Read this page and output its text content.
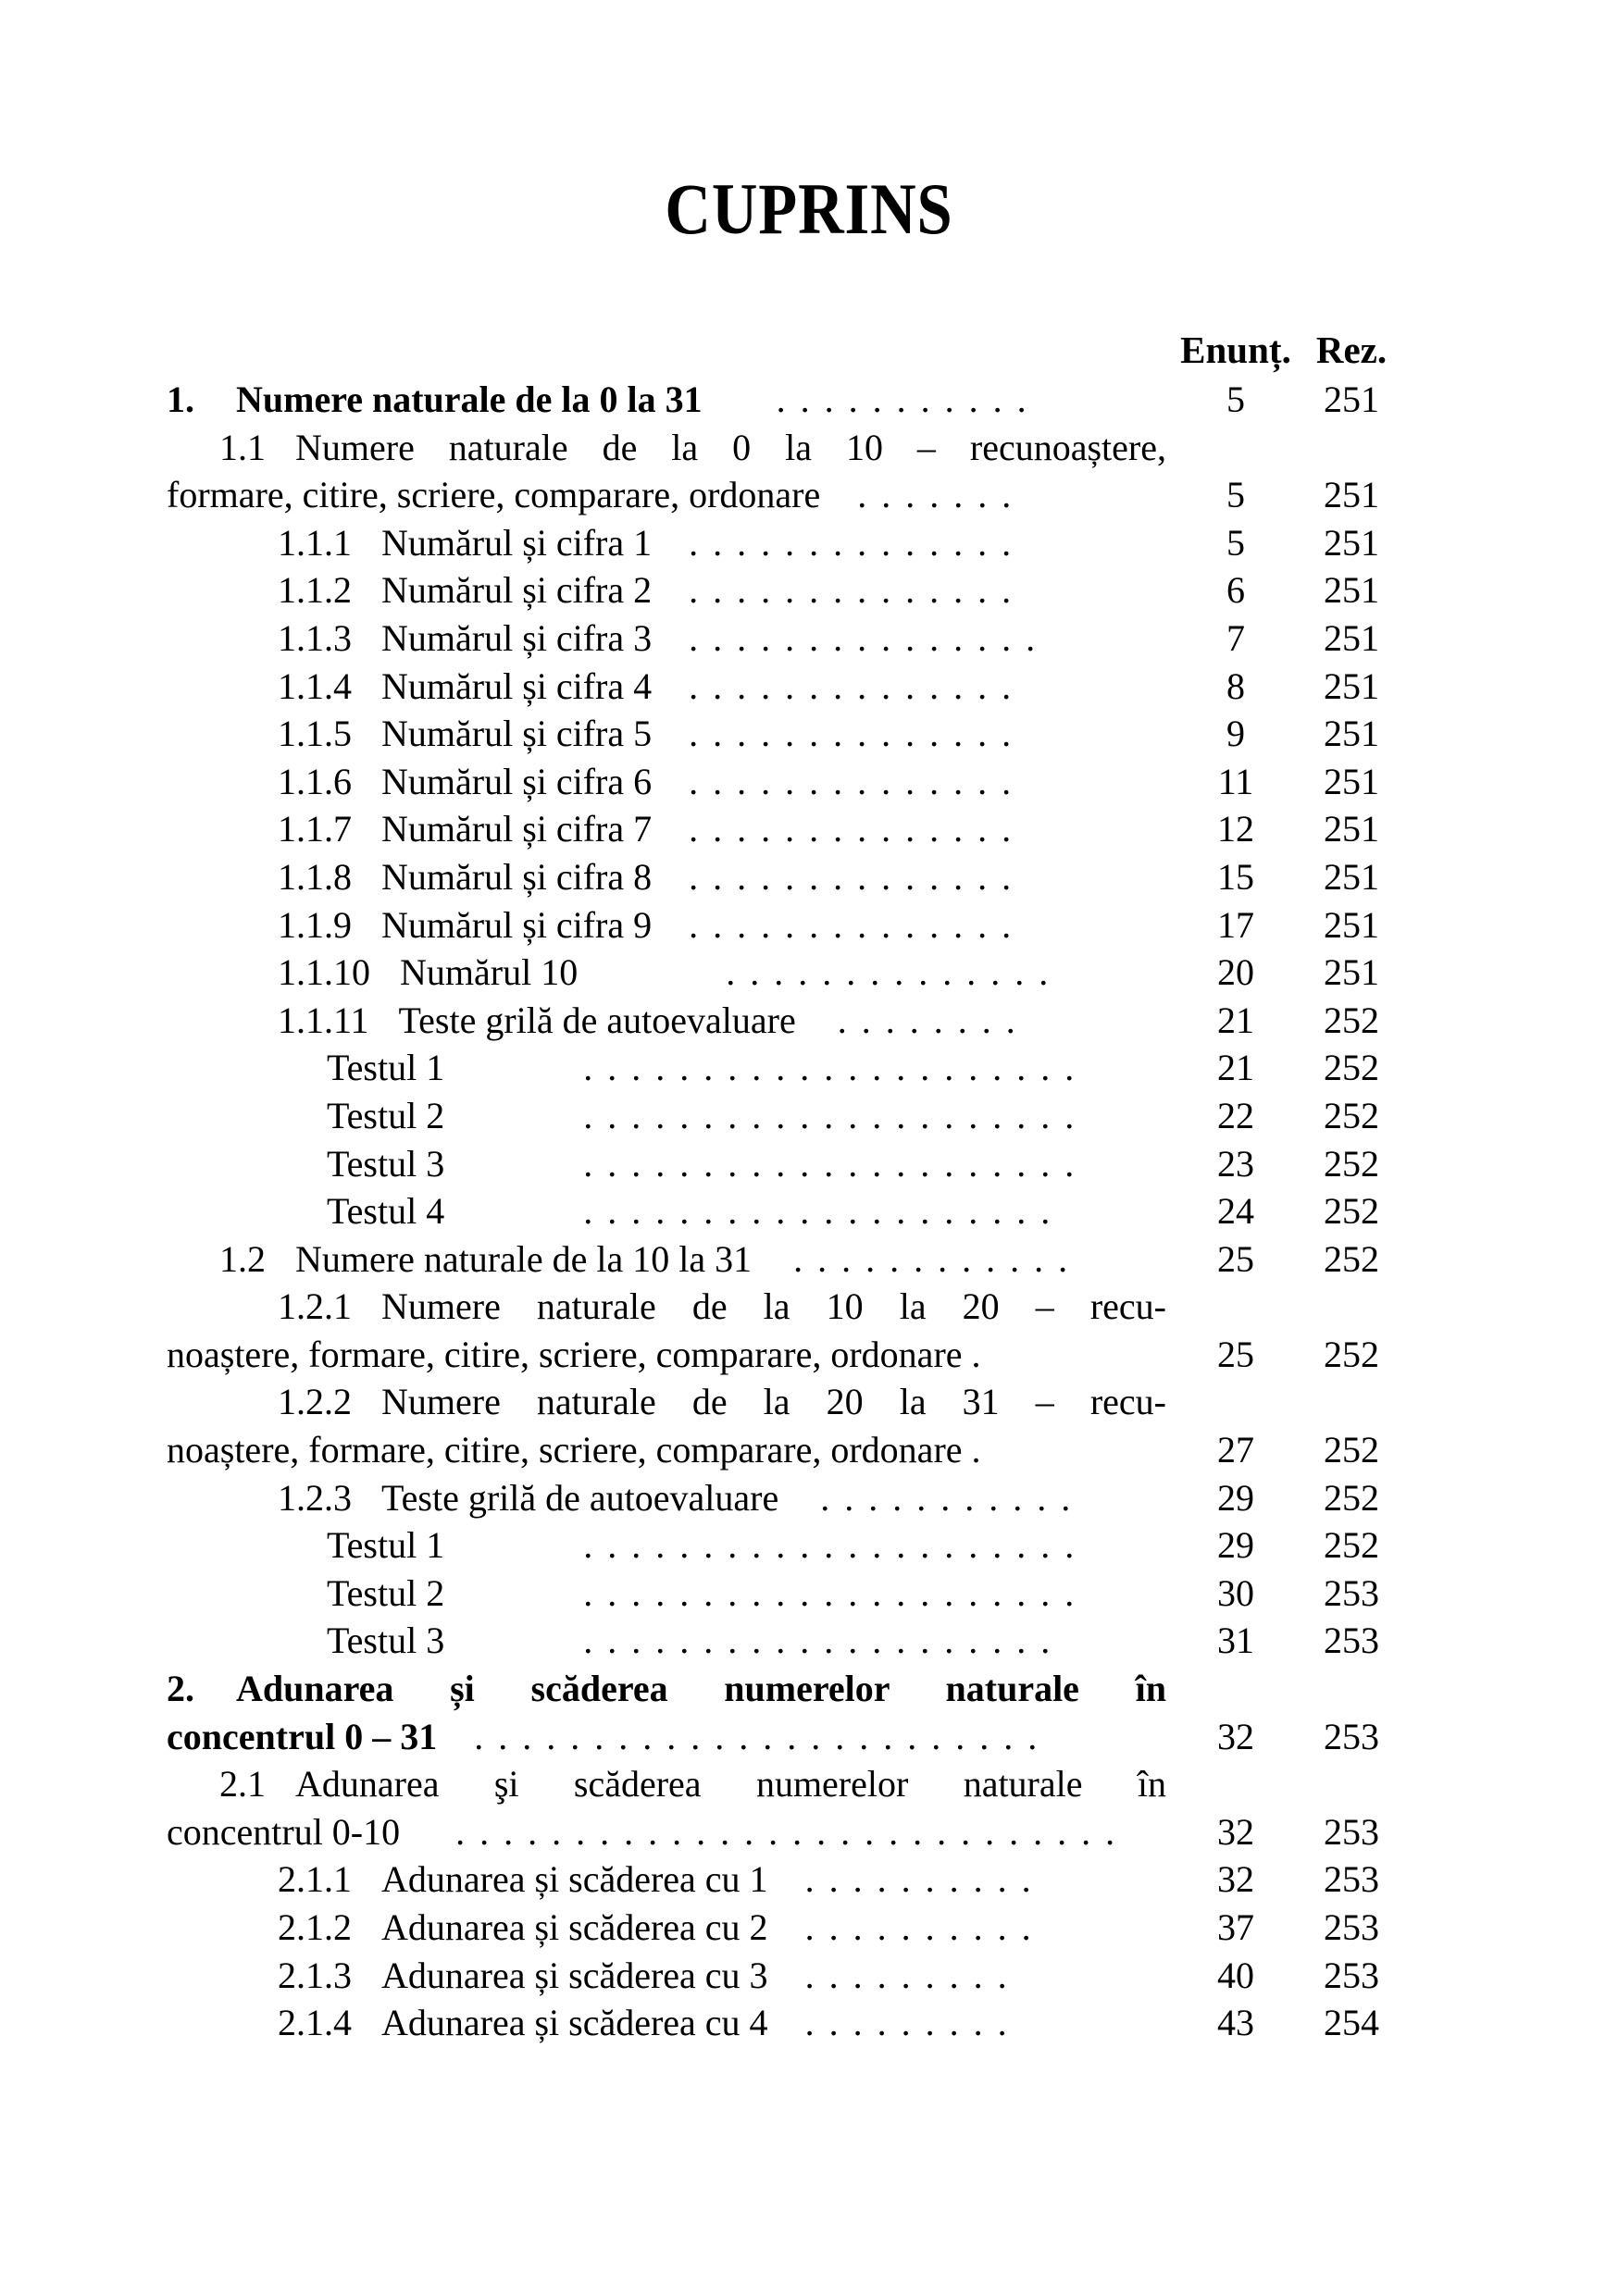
CUPRINS
Enunț. Rez.
1. Numere naturale de la 0 la 31 ...........	5	251
1.1 Numere naturale de la 0 la 10 – recunoaștere,
formare, citire, scriere, comparare, ordonare .......	5	251
1.1.1 Numărul și cifra 1 ..............	5	251
1.1.2 Numărul și cifra 2 ..............	6	251
1.1.3 Numărul și cifra 3 ...............	7	251
1.1.4 Numărul și cifra 4 ..............	8	251
1.1.5 Numărul și cifra 5 ..............	9	251
1.1.6 Numărul și cifra 6 ..............	11	251
1.1.7 Numărul și cifra 7 ..............	12	251
1.1.8 Numărul și cifra 8 ..............	15	251
1.1.9 Numărul și cifra 9 ..............	17	251
1.1.10 Numărul 10	..............	20	251
1.1.11 Teste grilă de autoevaluare ........	21	252
Testul 1	.....................	21	252
Testul 2	.....................	22	252
Testul 3	.....................	23	252
Testul 4	....................	24	252
1.2 Numere naturale de la 10 la 31 ............	25	252
1.2.1 Numere naturale de la 10 la 20 – recu-
noaștere, formare, citire, scriere, comparare, ordonare .	25	252
1.2.2 Numere naturale de la 20 la 31 – recu-
noaștere, formare, citire, scriere, comparare, ordonare .	27	252
1.2.3 Teste grilă de autoevaluare ...........	29	252
Testul 1	.....................	29	252
Testul 2	.....................	30	253
Testul 3	....................	31	253
2. Adunarea și scăderea numerelor naturale în
concentrul 0 – 31 ........................	32	253
2.1 Adunarea şi scăderea numerelor naturale în
concentrul 0-10 ............................	32	253
2.1.1 Adunarea și scăderea cu 1 ..........	32	253
2.1.2 Adunarea și scăderea cu 2 ..........	37	253
2.1.3 Adunarea și scăderea cu 3 .........	40	253
2.1.4 Adunarea și scăderea cu 4 .........	43	254
